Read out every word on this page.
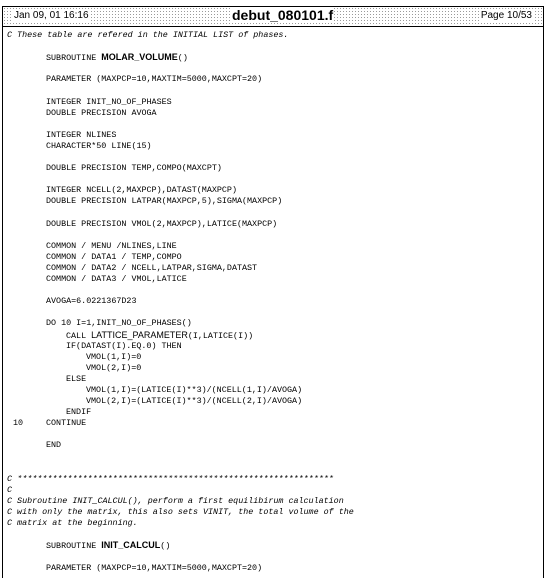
Jan 09, 01 16:16	debut_080101.f	Page 10/53
C These table are refered in the INITIAL LIST of phases.
SUBROUTINE MOLAR_VOLUME()
PARAMETER (MAXPCP=10,MAXTIM=5000,MAXCPT=20)
INTEGER INIT_NO_OF_PHASES
DOUBLE PRECISION AVOGA
INTEGER NLINES
CHARACTER*50 LINE(15)
DOUBLE PRECISION TEMP,COMPO(MAXCPT)
INTEGER NCELL(2,MAXPCP),DATAST(MAXPCP)
DOUBLE PRECISION LATPAR(MAXPCP,5),SIGMA(MAXPCP)
DOUBLE PRECISION VMOL(2,MAXPCP),LATICE(MAXPCP)
COMMON / MENU /NLINES,LINE
COMMON / DATA1 / TEMP,COMPO
COMMON / DATA2 / NCELL,LATPAR,SIGMA,DATAST
COMMON / DATA3 / VMOL,LATICE
AVOGA=6.0221367D23
DO 10 I=1,INIT_NO_OF_PHASES()
CALL LATTICE_PARAMETER(I,LATICE(I))
IF(DATAST(I).EQ.0) THEN
VMOL(1,I)=0
VMOL(2,I)=0
ELSE
VMOL(1,I)=(LATICE(I)**3)/(NCELL(1,I)/AVOGA)
VMOL(2,I)=(LATICE(I)**3)/(NCELL(2,I)/AVOGA)
ENDIF
10	CONTINUE
END
C ***************************************************************
C
C Subroutine INIT_CALCUL(), perform a first equilibirum calculation
C with only the matrix, this also sets VINIT, the total volume of the
C matrix at the beginning.
SUBROUTINE INIT_CALCUL()
PARAMETER (MAXPCP=10,MAXTIM=5000,MAXCPT=20)
